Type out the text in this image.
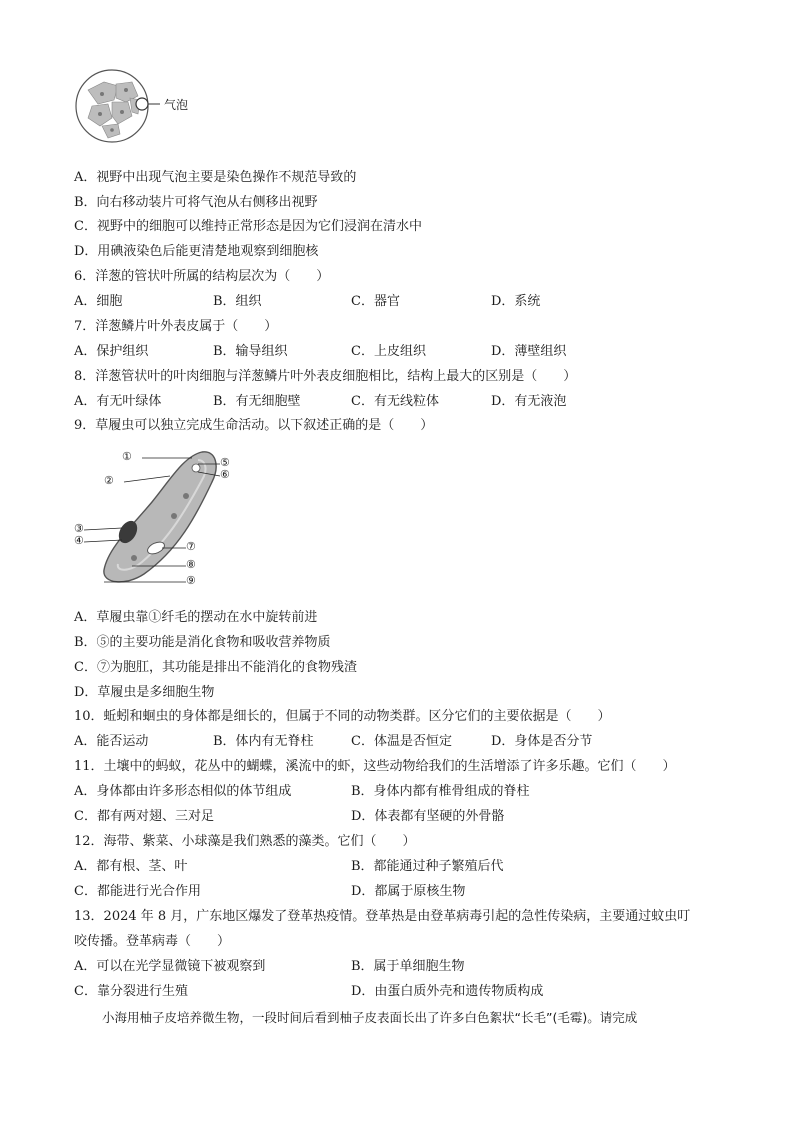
气泡
A．视野中出现气泡主要是染色操作不规范导致的
B．向右移动装片可将气泡从右侧移出视野
C．视野中的细胞可以维持正常形态是因为它们浸润在清水中
D．用碘液染色后能更清楚地观察到细胞核
6．洋葱的管状叶所属的结构层次为（　　）
A．细胞	B．组织	C．器官	D．系统
7．洋葱鳞片叶外表皮属于（　　）
A．保护组织	B．输导组织	C．上皮组织	D．薄壁组织
8．洋葱管状叶的叶肉细胞与洋葱鳞片叶外表皮细胞相比，结构上最大的区别是（　　）
A．有无叶绿体	B．有无细胞壁	C．有无线粒体	D．有无液泡
9．草履虫可以独立完成生命活动。以下叙述正确的是（　　）
①
②
③
④
⑤
⑥
⑦
⑧
⑨
A．草履虫靠①纤毛的摆动在水中旋转前进
B．⑤的主要功能是消化食物和吸收营养物质
C．⑦为胞肛，其功能是排出不能消化的食物残渣
D．草履虫是多细胞生物
10．蚯蚓和蛔虫的身体都是细长的，但属于不同的动物类群。区分它们的主要依据是（　　）
A．能否运动	B．体内有无脊柱	C．体温是否恒定	D．身体是否分节
11．土壤中的蚂蚁，花丛中的蝴蝶，溪流中的虾，这些动物给我们的生活增添了许多乐趣。它们（　　）
A．身体都由许多形态相似的体节组成	B．身体内都有椎骨组成的脊柱
C．都有两对翅、三对足	D．体表都有坚硬的外骨骼
12．海带、紫菜、小球藻是我们熟悉的藻类。它们（　　）
A．都有根、茎、叶	B．都能通过种子繁殖后代
C．都能进行光合作用	D．都属于原核生物
13．2024 年 8 月，广东地区爆发了登革热疫情。登革热是由登革病毒引起的急性传染病，主要通过蚊虫叮
咬传播。登革病毒（　　）
A．可以在光学显微镜下被观察到	B．属于单细胞生物
C．靠分裂进行生殖	D．由蛋白质外壳和遗传物质构成
小海用柚子皮培养微生物，一段时间后看到柚子皮表面长出了许多白色絮状“长毛”(毛霉)。请完成
